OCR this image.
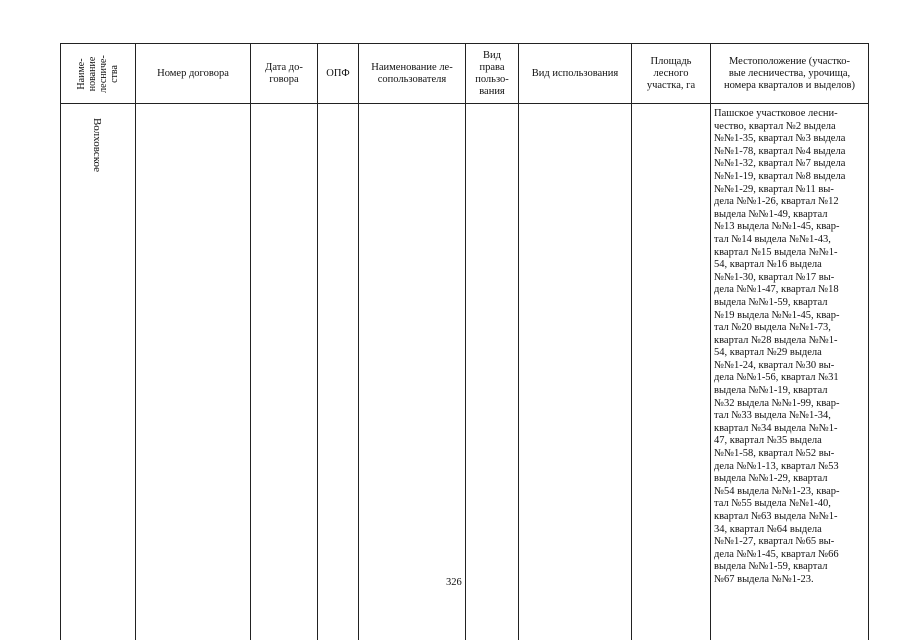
Наиме-
нование
лесниче-
ства	Номер договора
Дата до-
говора
ОПФ
Наименование ле-
сопользователя
Вид
права
пользо-
вания
Вид использования
Площадь
лесного
участка, га
Местоположение (участко-
вые лесничества, урочища,
номера кварталов и выделов)
Волховское
Пашское участковое лесни-
чество, квартал №2 выдела
№№1-35, квартал №3 выдела
№№1-78, квартал №4 выдела
№№1-32, квартал №7 выдела
№№1-19, квартал №8 выдела
№№1-29, квартал №11 вы-
дела №№1-26, квартал №12
выдела №№1-49, квартал
№13 выдела №№1-45, квар-
тал №14 выдела №№1-43,
квартал №15 выдела №№1-
54, квартал №16 выдела
№№1-30, квартал №17 вы-
дела №№1-47, квартал №18
выдела №№1-59, квартал
№19 выдела №№1-45, квар-
тал №20 выдела №№1-73,
квартал №28 выдела №№1-
54, квартал №29 выдела
№№1-24, квартал №30 вы-
дела №№1-56, квартал №31
выдела №№1-19, квартал
№32 выдела №№1-99, квар-
тал №33 выдела №№1-34,
квартал №34 выдела №№1-
47, квартал №35 выдела
№№1-58, квартал №52 вы-
дела №№1-13, квартал №53
выдела №№1-29, квартал
№54 выдела №№1-23, квар-
тал №55 выдела №№1-40,
квартал №63 выдела №№1-
34, квартал №64 выдела
№№1-27, квартал №65 вы-
дела №№1-45, квартал №66
выдела №№1-59, квартал
№67 выдела №№1-23.
326
